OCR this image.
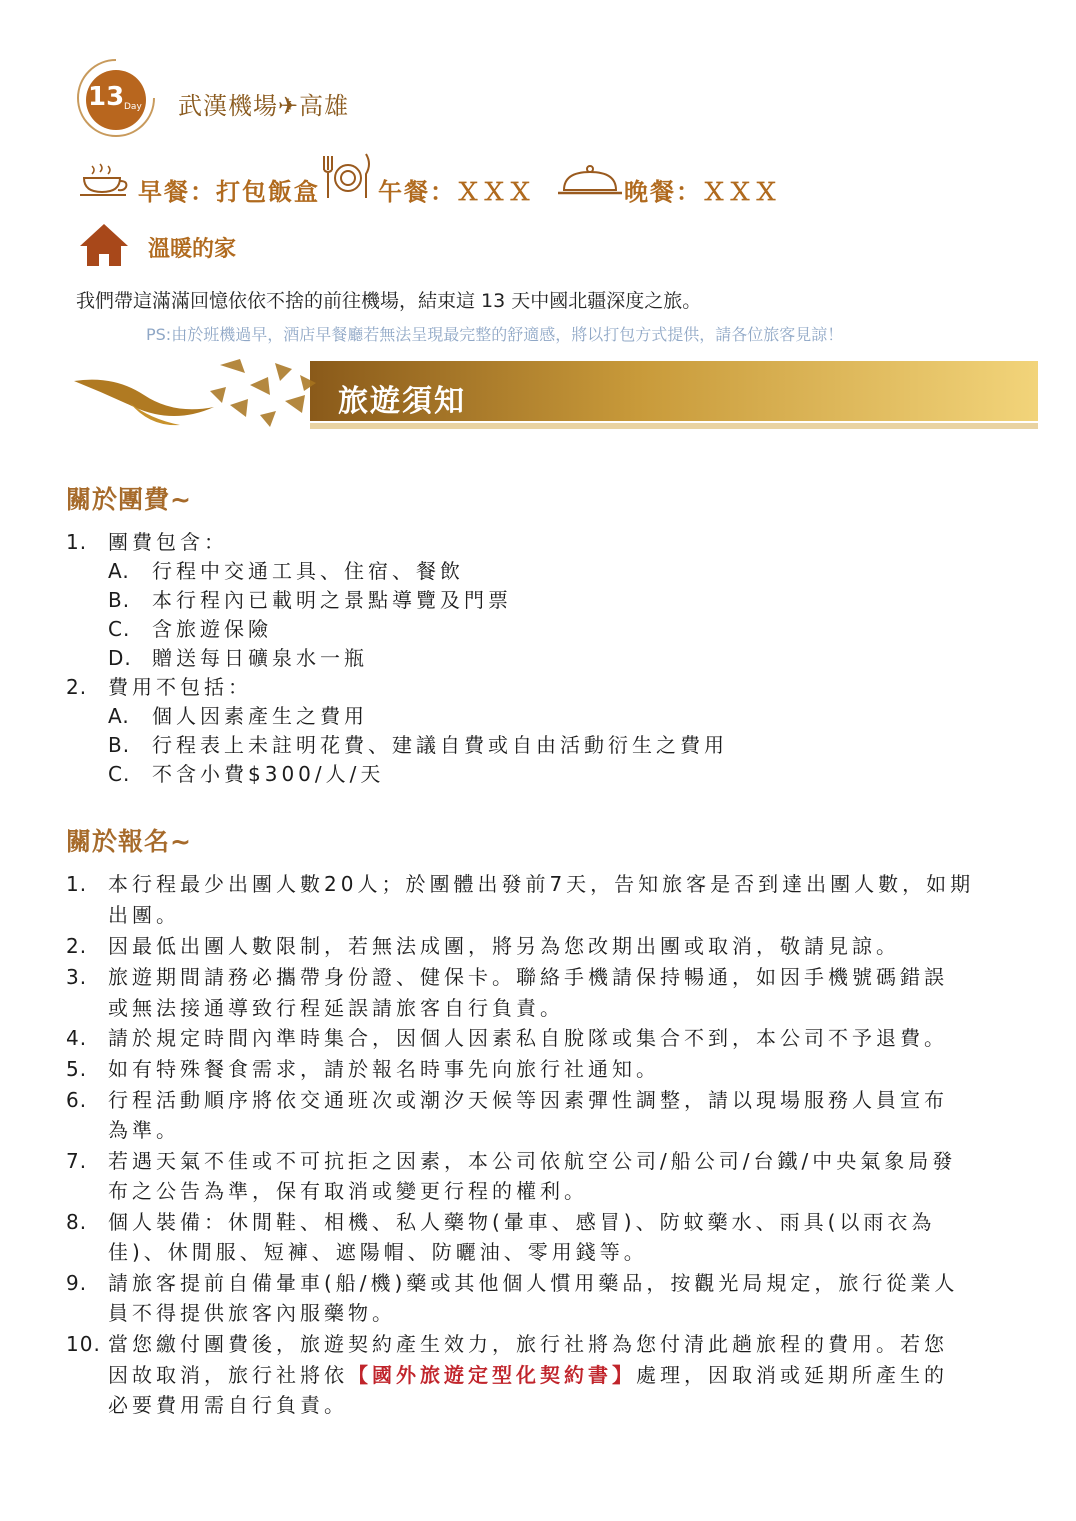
13 Day 武漢機場✈高雄
早餐：打包飯盒 午餐：ＸＸＸ	晚餐：ＸＸＸ
溫暖的家
我們帶這滿滿回憶依依不捨的前往機場，結束這 13 天中國北疆深度之旅。
PS:由於班機過早，酒店早餐廳若無法呈現最完整的舒適感，將以打包方式提供，請各位旅客見諒！
旅遊須知
關於團費~
1. 團費包含：
A. 行程中交通工具、住宿、餐飲
B. 本行程內已載明之景點導覽及門票
C. 含旅遊保險
D. 贈送每日礦泉水一瓶
2. 費用不包括：
A. 個人因素產生之費用
B. 行程表上未註明花費、建議自費或自由活動衍生之費用
C. 不含小費$300/人/天
關於報名~
1. 本行程最少出團人數20人；於團體出發前7天，告知旅客是否到達出團人數，如期
出團。
2. 因最低出團人數限制，若無法成團，將另為您改期出團或取消，敬請見諒。
3. 旅遊期間請務必攜帶身份證、健保卡。聯絡手機請保持暢通，如因手機號碼錯誤
或無法接通導致行程延誤請旅客自行負責。
4. 請於規定時間內準時集合，因個人因素私自脫隊或集合不到，本公司不予退費。
5. 如有特殊餐食需求，請於報名時事先向旅行社通知。
6. 行程活動順序將依交通班次或潮汐天候等因素彈性調整，請以現場服務人員宣布
為準。
7. 若遇天氣不佳或不可抗拒之因素，本公司依航空公司/船公司/台鐵/中央氣象局發
布之公告為準，保有取消或變更行程的權利。
8. 個人裝備：休閒鞋、相機、私人藥物(暈車、感冒)、防蚊藥水、雨具(以雨衣為
佳)、休閒服、短褲、遮陽帽、防曬油、零用錢等。
9. 請旅客提前自備暈車(船/機)藥或其他個人慣用藥品，按觀光局規定，旅行從業人
員不得提供旅客內服藥物。
10. 當您繳付團費後，旅遊契約產生效力，旅行社將為您付清此趟旅程的費用。若您
因故取消，旅行社將依【國外旅遊定型化契約書】處理，因取消或延期所產生的
必要費用需自行負責。
